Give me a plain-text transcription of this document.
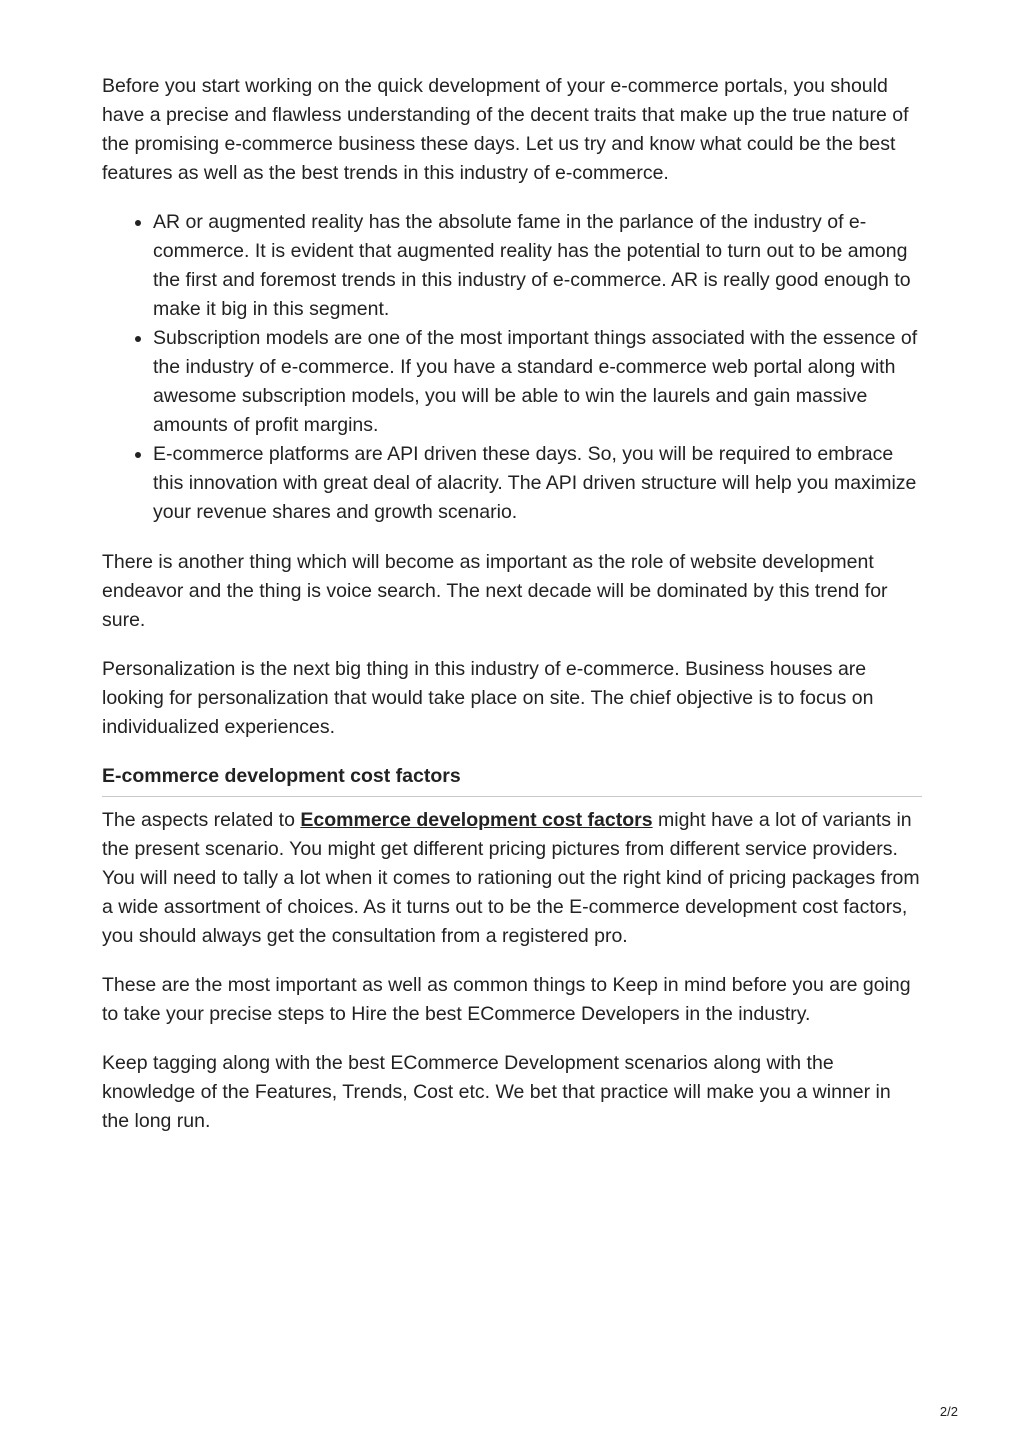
Before you start working on the quick development of your e-commerce portals, you should have a precise and flawless understanding of the decent traits that make up the true nature of the promising e-commerce business these days. Let us try and know what could be the best features as well as the best trends in this industry of e-commerce.

• AR or augmented reality has the absolute fame in the parlance of the industry of e-commerce. It is evident that augmented reality has the potential to turn out to be among the first and foremost trends in this industry of e-commerce. AR is really good enough to make it big in this segment.
• Subscription models are one of the most important things associated with the essence of the industry of e-commerce. If you have a standard e-commerce web portal along with awesome subscription models, you will be able to win the laurels and gain massive amounts of profit margins.
• E-commerce platforms are API driven these days. So, you will be required to embrace this innovation with great deal of alacrity. The API driven structure will help you maximize your revenue shares and growth scenario.

There is another thing which will become as important as the role of website development endeavor and the thing is voice search. The next decade will be dominated by this trend for sure.

Personalization is the next big thing in this industry of e-commerce. Business houses are looking for personalization that would take place on site. The chief objective is to focus on individualized experiences.

E-commerce development cost factors

The aspects related to Ecommerce development cost factors might have a lot of variants in the present scenario. You might get different pricing pictures from different service providers. You will need to tally a lot when it comes to rationing out the right kind of pricing packages from a wide assortment of choices. As it turns out to be the E-commerce development cost factors, you should always get the consultation from a registered pro.

These are the most important as well as common things to Keep in mind before you are going to take your precise steps to Hire the best ECommerce Developers in the industry.

Keep tagging along with the best ECommerce Development scenarios along with the knowledge of the Features, Trends, Cost etc. We bet that practice will make you a winner in the long run.

2/2
